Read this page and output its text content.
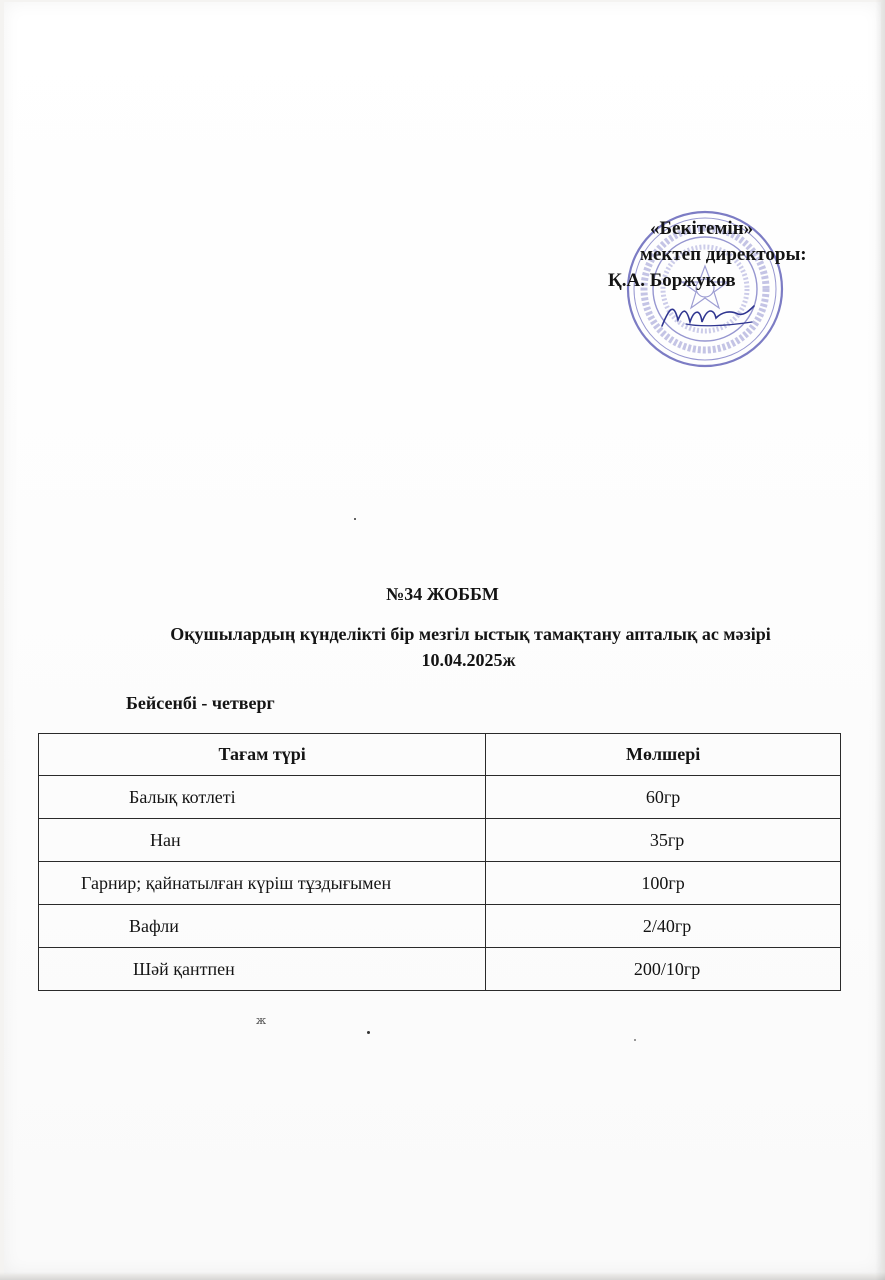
«Бекітемін»
мектеп директоры:
Қ.А. Боржуков
№34 ЖОББМ
Оқушылардың күнделікті бір мезгіл ыстық тамақтану апталық ас мәзірі
10.04.2025ж
Бейсенбі - четверг
Тағам түрі	Мөлшері
Балық котлеті	60гр
Нан	35гр
Гарнир; қайнатылған күріш тұздығымен	100гр
Вафли	2/40гр
Шәй қантпен	200/10гр
ж
